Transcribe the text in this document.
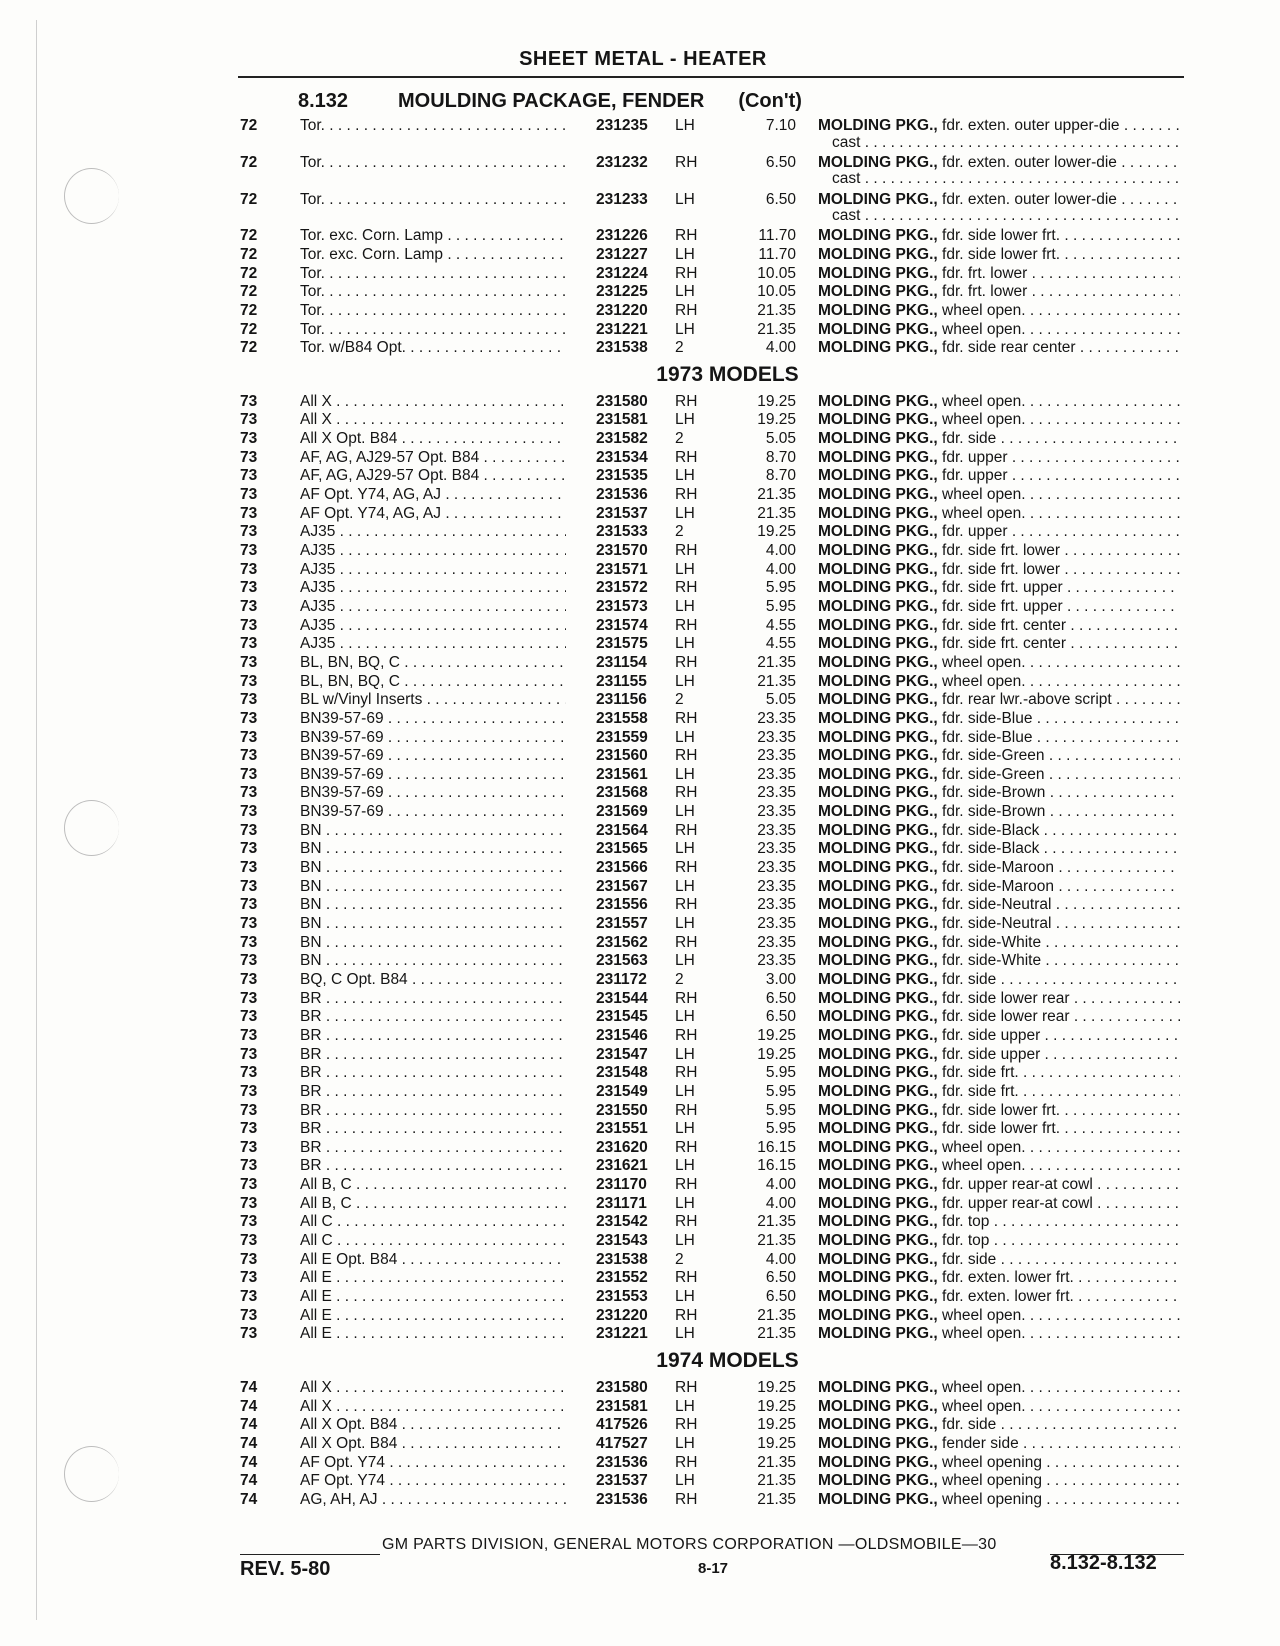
SHEET METAL - HEATER
8.132 MOULDING PACKAGE, FENDER (Con't)
72	Tor. . . .	231235	LH	7.10 MOLDING PKG., fdr. exten. outer upper-die . . .
cast . . .
72	Tor. . . .	231232	RH	6.50 MOLDING PKG., fdr. exten. outer lower-die . . .
cast . . .
72	Tor. . . .	231233	LH	6.50 MOLDING PKG., fdr. exten. outer lower-die . . .
cast . . .
72	Tor. exc. Corn. Lamp . . .	231226	RH	11.70 MOLDING PKG., fdr. side lower frt. . . .
72	Tor. exc. Corn. Lamp . . .	231227	LH	11.70 MOLDING PKG., fdr. side lower frt. . . .
72	Tor. . . .	231224	RH	10.05 MOLDING PKG., fdr. frt. lower . . .
72	Tor. . . .	231225	LH	10.05 MOLDING PKG., fdr. frt. lower . . .
72	Tor. . . .	231220	RH	21.35 MOLDING PKG., wheel open. . . .
72	Tor. . . .	231221	LH	21.35 MOLDING PKG., wheel open. . . .
72	Tor. w/B84 Opt. . . .	231538	2	4.00 MOLDING PKG., fdr. side rear center . . .
1973 MODELS
73	All X . . .	231580	RH	19.25 MOLDING PKG., wheel open. . . .
73	All X . . .	231581	LH	19.25 MOLDING PKG., wheel open. . . .
73	All X Opt. B84 . . .	231582	2	5.05 MOLDING PKG., fdr. side . . .
73	AF, AG, AJ29-57 Opt. B84 . . .	231534	RH	8.70 MOLDING PKG., fdr. upper . . .
73	AF, AG, AJ29-57 Opt. B84 . . .	231535	LH	8.70 MOLDING PKG., fdr. upper . . .
73	AF Opt. Y74, AG, AJ . . .	231536	RH	21.35 MOLDING PKG., wheel open. . . .
73	AF Opt. Y74, AG, AJ . . .	231537	LH	21.35 MOLDING PKG., wheel open. . . .
73	AJ35 . . .	231533	2	19.25 MOLDING PKG., fdr. upper . . .
73	AJ35 . . .	231570	RH	4.00 MOLDING PKG., fdr. side frt. lower . . .
73	AJ35 . . .	231571	LH	4.00 MOLDING PKG., fdr. side frt. lower . . .
73	AJ35 . . .	231572	RH	5.95 MOLDING PKG., fdr. side frt. upper . . .
73	AJ35 . . .	231573	LH	5.95 MOLDING PKG., fdr. side frt. upper . . .
73	AJ35 . . .	231574	RH	4.55 MOLDING PKG., fdr. side frt. center . . .
73	AJ35 . . .	231575	LH	4.55 MOLDING PKG., fdr. side frt. center . . .
73	BL, BN, BQ, C . . .	231154	RH	21.35 MOLDING PKG., wheel open. . . .
73	BL, BN, BQ, C . . .	231155	LH	21.35 MOLDING PKG., wheel open. . . .
73	BL w/Vinyl Inserts . . .	231156	2	5.05 MOLDING PKG., fdr. rear lwr.-above script . . .
73	BN39-57-69 . . .	231558	RH	23.35 MOLDING PKG., fdr. side-Blue . . .
73	BN39-57-69 . . .	231559	LH	23.35 MOLDING PKG., fdr. side-Blue . . .
73	BN39-57-69 . . .	231560	RH	23.35 MOLDING PKG., fdr. side-Green . . .
73	BN39-57-69 . . .	231561	LH	23.35 MOLDING PKG., fdr. side-Green . . .
73	BN39-57-69 . . .	231568	RH	23.35 MOLDING PKG., fdr. side-Brown . . .
73	BN39-57-69 . . .	231569	LH	23.35 MOLDING PKG., fdr. side-Brown . . .
73	BN . . .	231564	RH	23.35 MOLDING PKG., fdr. side-Black . . .
73	BN . . .	231565	LH	23.35 MOLDING PKG., fdr. side-Black . . .
73	BN . . .	231566	RH	23.35 MOLDING PKG., fdr. side-Maroon . . .
73	BN . . .	231567	LH	23.35 MOLDING PKG., fdr. side-Maroon . . .
73	BN . . .	231556	RH	23.35 MOLDING PKG., fdr. side-Neutral . . .
73	BN . . .	231557	LH	23.35 MOLDING PKG., fdr. side-Neutral . . .
73	BN . . .	231562	RH	23.35 MOLDING PKG., fdr. side-White . . .
73	BN . . .	231563	LH	23.35 MOLDING PKG., fdr. side-White . . .
73	BQ, C Opt. B84 . . .	231172	2	3.00 MOLDING PKG., fdr. side . . .
73	BR . . .	231544	RH	6.50 MOLDING PKG., fdr. side lower rear . . .
73	BR . . .	231545	LH	6.50 MOLDING PKG., fdr. side lower rear . . .
73	BR . . .	231546	RH	19.25 MOLDING PKG., fdr. side upper . . .
73	BR . . .	231547	LH	19.25 MOLDING PKG., fdr. side upper . . .
73	BR . . .	231548	RH	5.95 MOLDING PKG., fdr. side frt. . . .
73	BR . . .	231549	LH	5.95 MOLDING PKG., fdr. side frt. . . .
73	BR . . .	231550	RH	5.95 MOLDING PKG., fdr. side lower frt. . . .
73	BR . . .	231551	LH	5.95 MOLDING PKG., fdr. side lower frt. . . .
73	BR . . .	231620	RH	16.15 MOLDING PKG., wheel open. . . .
73	BR . . .	231621	LH	16.15 MOLDING PKG., wheel open. . . .
73	All B, C . . .	231170	RH	4.00 MOLDING PKG., fdr. upper rear-at cowl . . .
73	All B, C . . .	231171	LH	4.00 MOLDING PKG., fdr. upper rear-at cowl . . .
73	All C . . .	231542	RH	21.35 MOLDING PKG., fdr. top . . .
73	All C . . .	231543	LH	21.35 MOLDING PKG., fdr. top . . .
73	All E Opt. B84 . . .	231538	2	4.00 MOLDING PKG., fdr. side . . .
73	All E . . .	231552	RH	6.50 MOLDING PKG., fdr. exten. lower frt. . . .
73	All E . . .	231553	LH	6.50 MOLDING PKG., fdr. exten. lower frt. . . .
73	All E . . .	231220	RH	21.35 MOLDING PKG., wheel open. . . .
73	All E . . .	231221	LH	21.35 MOLDING PKG., wheel open. . . .
1974 MODELS
74	All X . . .	231580	RH	19.25 MOLDING PKG., wheel open. . . .
74	All X . . .	231581	LH	19.25 MOLDING PKG., wheel open. . . .
74	All X Opt. B84 . . .	417526	RH	19.25 MOLDING PKG., fdr. side . . .
74	All X Opt. B84 . . .	417527	LH	19.25 MOLDING PKG., fender side . . .
74	AF Opt. Y74 . . .	231536	RH	21.35 MOLDING PKG., wheel opening . . .
74	AF Opt. Y74 . . .	231537	LH	21.35 MOLDING PKG., wheel opening . . .
74	AG, AH, AJ . . .	231536	RH	21.35 MOLDING PKG., wheel opening . . .
GM PARTS DIVISION, GENERAL MOTORS CORPORATION —OLDSMOBILE—30
REV. 5-80	8-17	8.132-8.132
